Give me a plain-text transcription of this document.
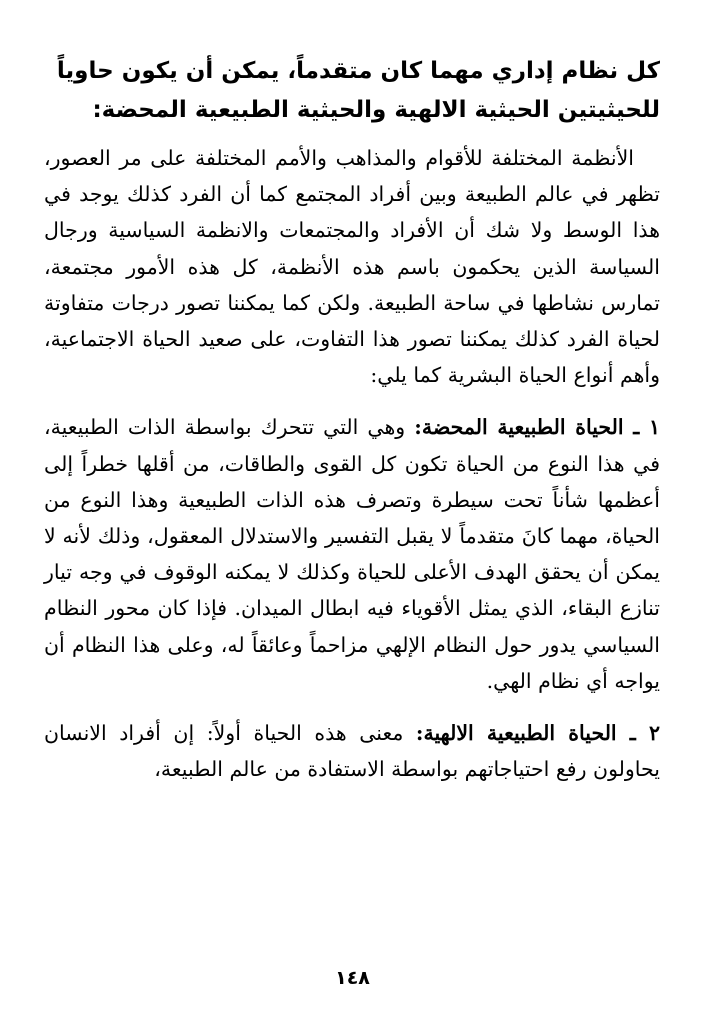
كل نظام إداري مهما كان متقدماً، يمكن أن يكون حاوياً
للحيثيتين الحيثية الالهية والحيثية الطبيعية المحضة:

الأنظمة المختلفة للأقوام والمذاهب والأمم المختلفة على مر العصور، تظهر في عالم الطبيعة وبين أفراد المجتمع كما أن الفرد كذلك يوجد في هذا الوسط ولا شك أن الأفراد والمجتمعات والانظمة السياسية ورجال السياسة الذين يحكمون باسم هذه الأنظمة، كل هذه الأمور مجتمعة، تمارس نشاطها في ساحة الطبيعة. ولكن كما يمكننا تصور درجات متفاوتة لحياة الفرد كذلك يمكننا تصور هذا التفاوت، على صعيد الحياة الاجتماعية، وأهم أنواع الحياة البشرية كما يلي:

١ ـ الحياة الطبيعية المحضة: وهي التي تتحرك بواسطة الذات الطبيعية، في هذا النوع من الحياة تكون كل القوى والطاقات، من أقلها خطراً إلى أعظمها شأناً تحت سيطرة وتصرف هذه الذات الطبيعية وهذا النوع من الحياة، مهما كانَ متقدماً لا يقبل التفسير والاستدلال المعقول، وذلك لأنه لا يمكن أن يحقق الهدف الأعلى للحياة وكذلك لا يمكنه الوقوف في وجه تيار تنازع البقاء، الذي يمثل الأقوياء فيه ابطال الميدان. فإذا كان محور النظام السياسي يدور حول النظام الإلهي مزاحماً وعائقاً له، وعلى هذا النظام أن يواجه أي نظام الهي.

٢ ـ الحياة الطبيعية الالهية: معنى هذه الحياة أولاً: إن أفراد الانسان يحاولون رفع احتياجاتهم بواسطة الاستفادة من عالم الطبيعة،

١٤٨
